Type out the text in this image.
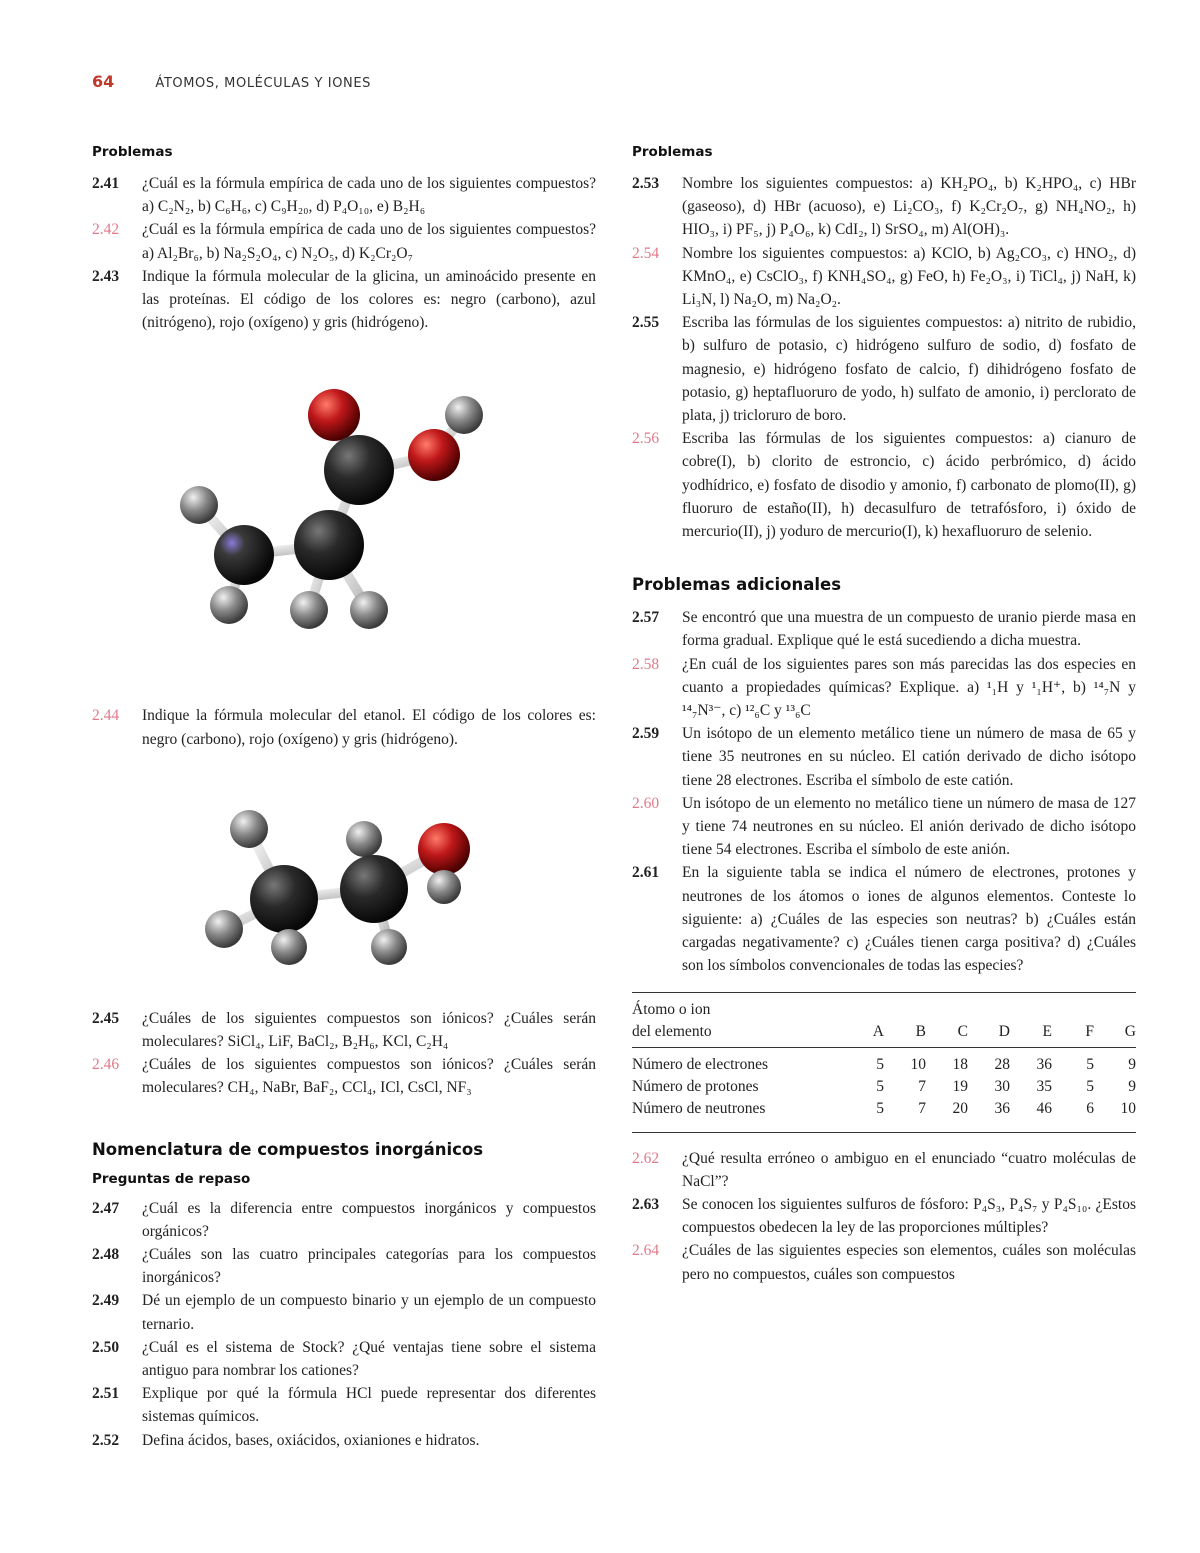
64	ÁTOMOS, MOLÉCULAS Y IONES
Problemas
2.41	¿Cuál es la fórmula empírica de cada uno de los siguientes compuestos? a) C₂N₂, b) C₆H₆, c) C₉H₂₀, d) P₄O₁₀, e) B₂H₆
2.42	¿Cuál es la fórmula empírica de cada uno de los siguientes compuestos? a) Al₂Br₆, b) Na₂S₂O₄, c) N₂O₅, d) K₂Cr₂O₇
2.43	Indique la fórmula molecular de la glicina, un aminoácido presente en las proteínas. El código de los colores es: negro (carbono), azul (nitrógeno), rojo (oxígeno) y gris (hidrógeno).
2.44	Indique la fórmula molecular del etanol. El código de los colores es: negro (carbono), rojo (oxígeno) y gris (hidrógeno).
2.45	¿Cuáles de los siguientes compuestos son iónicos? ¿Cuáles serán moleculares? SiCl₄, LiF, BaCl₂, B₂H₆, KCl, C₂H₄
2.46	¿Cuáles de los siguientes compuestos son iónicos? ¿Cuáles serán moleculares? CH₄, NaBr, BaF₂, CCl₄, ICl, CsCl, NF₃
Nomenclatura de compuestos inorgánicos
Preguntas de repaso
2.47	¿Cuál es la diferencia entre compuestos inorgánicos y compuestos orgánicos?
2.48	¿Cuáles son las cuatro principales categorías para los compuestos inorgánicos?
2.49	Dé un ejemplo de un compuesto binario y un ejemplo de un compuesto ternario.
2.50	¿Cuál es el sistema de Stock? ¿Qué ventajas tiene sobre el sistema antiguo para nombrar los cationes?
2.51	Explique por qué la fórmula HCl puede representar dos diferentes sistemas químicos.
2.52	Defina ácidos, bases, oxiácidos, oxianiones e hidratos.
Problemas
2.53	Nombre los siguientes compuestos: a) KH₂PO₄, b) K₂HPO₄, c) HBr (gaseoso), d) HBr (acuoso), e) Li₂CO₃, f) K₂Cr₂O₇, g) NH₄NO₂, h) HIO₃, i) PF₅, j) P₄O₆, k) CdI₂, l) SrSO₄, m) Al(OH)₃.
2.54	Nombre los siguientes compuestos: a) KClO, b) Ag₂CO₃, c) HNO₂, d) KMnO₄, e) CsClO₃, f) KNH₄SO₄, g) FeO, h) Fe₂O₃, i) TiCl₄, j) NaH, k) Li₃N, l) Na₂O, m) Na₂O₂.
2.55	Escriba las fórmulas de los siguientes compuestos: a) nitrito de rubidio, b) sulfuro de potasio, c) hidrógeno sulfuro de sodio, d) fosfato de magnesio, e) hidrógeno fosfato de calcio, f) dihidrógeno fosfato de potasio, g) heptafluoruro de yodo, h) sulfato de amonio, i) perclorato de plata, j) tricloruro de boro.
2.56	Escriba las fórmulas de los siguientes compuestos: a) cianuro de cobre(I), b) clorito de estroncio, c) ácido perbrómico, d) ácido yodhídrico, e) fosfato de disodio y amonio, f) carbonato de plomo(II), g) fluoruro de estaño(II), h) decasulfuro de tetrafósforo, i) óxido de mercurio(II), j) yoduro de mercurio(I), k) hexafluoruro de selenio.
Problemas adicionales
2.57	Se encontró que una muestra de un compuesto de uranio pierde masa en forma gradual. Explique qué le está sucediendo a dicha muestra.
2.58	¿En cuál de los siguientes pares son más parecidas las dos especies en cuanto a propiedades químicas? Explique. a) ¹₁H y ¹₁H⁺, b) ¹⁴₇N y ¹⁴₇N³⁻, c) ¹²₆C y ¹³₆C
2.59	Un isótopo de un elemento metálico tiene un número de masa de 65 y tiene 35 neutrones en su núcleo. El catión derivado de dicho isótopo tiene 28 electrones. Escriba el símbolo de este catión.
2.60	Un isótopo de un elemento no metálico tiene un número de masa de 127 y tiene 74 neutrones en su núcleo. El anión derivado de dicho isótopo tiene 54 electrones. Escriba el símbolo de este anión.
2.61	En la siguiente tabla se indica el número de electrones, protones y neutrones de los átomos o iones de algunos elementos. Conteste lo siguiente: a) ¿Cuáles de las especies son neutras? b) ¿Cuáles están cargadas negativamente? c) ¿Cuáles tienen carga positiva? d) ¿Cuáles son los símbolos convencionales de todas las especies?
Átomo o ion							
del elemento	A	B	C	D	E	F	G
Número de electrones	5	10	18	28	36	5	9
Número de protones	5	7	19	30	35	5	9
Número de neutrones	5	7	20	36	46	6	10
2.62	¿Qué resulta erróneo o ambiguo en el enunciado “cuatro moléculas de NaCl”?
2.63	Se conocen los siguientes sulfuros de fósforo: P₄S₃, P₄S₇ y P₄S₁₀. ¿Estos compuestos obedecen la ley de las proporciones múltiples?
2.64	¿Cuáles de las siguientes especies son elementos, cuáles son moléculas pero no compuestos, cuáles son compuestos
